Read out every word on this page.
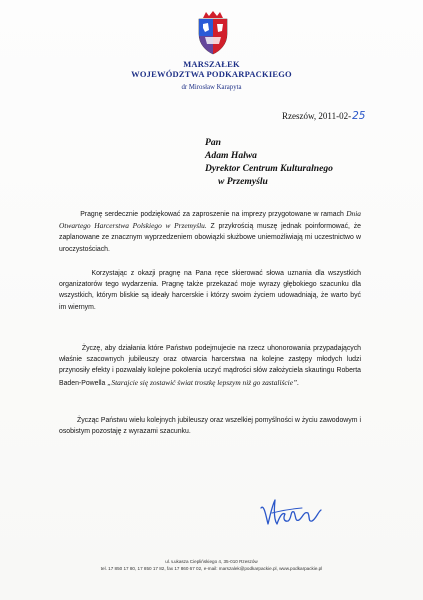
MARSZAŁEK
WOJEWÓDZTWA PODKARPACKIEGO
dr Mirosław Karapyta
Rzeszów, 2011-02-25
Pan
Adam Halwa
Dyrektor Centrum Kulturalnego
w Przemyślu
Pragnę serdecznie podziękować za zaproszenie na imprezy przygotowane w ramach Dnia Otwartego Harcerstwa Polskiego w Przemyślu. Z przykrością muszę jednak poinformować, że zaplanowane ze znacznym wyprzedzeniem obowiązki służbowe uniemożliwiają mi uczestnictwo w uroczystościach.
Korzystając z okazji pragnę na Pana ręce skierować słowa uznania dla wszystkich organizatorów tego wydarzenia. Pragnę także przekazać moje wyrazy głębokiego szacunku dla wszystkich, którym bliskie są ideały harcerskie i którzy swoim życiem udowadniają, że warto być im wiernym.
Życzę, aby działania które Państwo podejmujecie na rzecz uhonorowania przypadających właśnie szacownych jubileuszy oraz otwarcia harcerstwa na kolejne zastępy młodych ludzi przynosiły efekty i pozwalały kolejne pokolenia uczyć mądrości słów założyciela skautingu Roberta Baden-Powella „Starajcie się zostawić świat troszkę lepszym niż go zastaliście”.
Życząc Państwu wielu kolejnych jubileuszy oraz wszelkiej pomyślności w życiu zawodowym i osobistym pozostaję z wyrazami szacunku.
ul. Łukasza Cieplińskiego 4, 35-010 Rzeszów
tel. 17 850 17 80, 17 850 17 82, fax 17 860 67 02, e-mail: marszalek@podkarpackie.pl, www.podkarpackie.pl
